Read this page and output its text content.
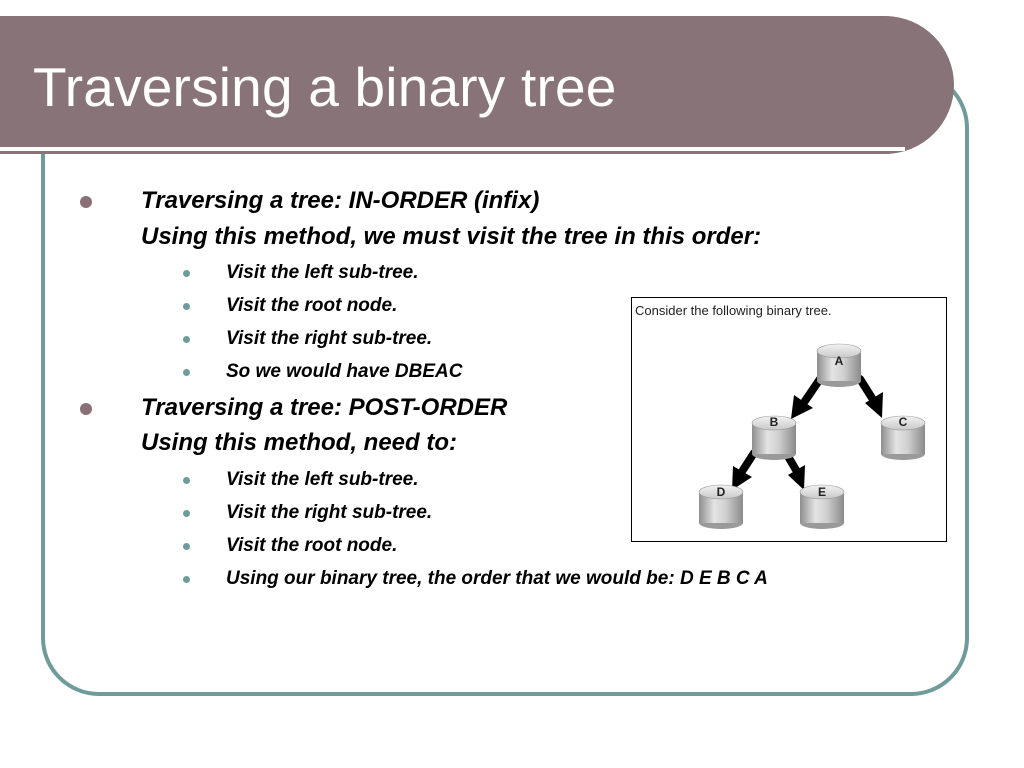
Traversing a binary tree
Traversing a tree: IN-ORDER (infix)
Using this method, we must visit the tree in this order:
Visit the left sub-tree.
Visit the root node.
Visit the right sub-tree.
So we would have DBEAC
Traversing a tree: POST-ORDER
Using this method, need to:
Visit the left sub-tree.
Visit the right sub-tree.
Visit the root node.
Using our binary tree, the order that we would be: D E B C A
Consider the following binary tree.
A
B	C
D	E
